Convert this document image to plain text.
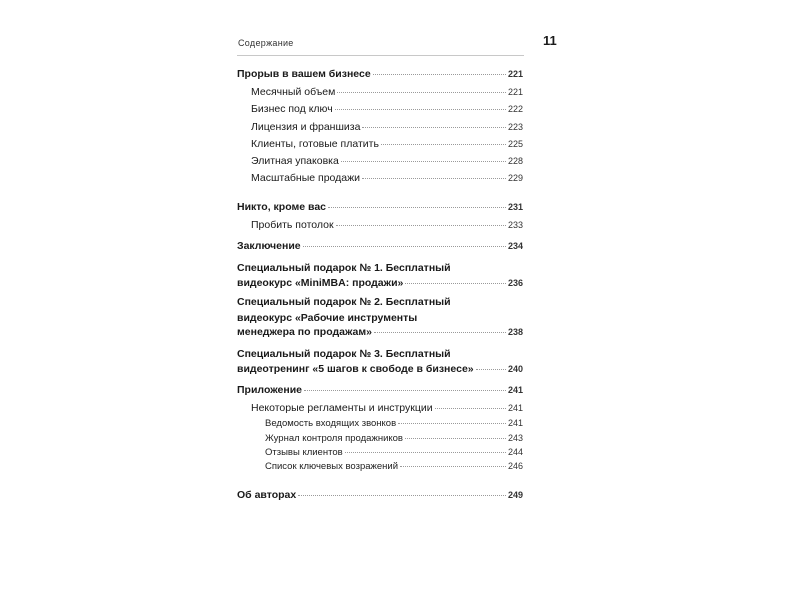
Содержание	11
Прорыв в вашем бизнесе	221
Месячный объем	221
Бизнес под ключ	222
Лицензия и франшиза	223
Клиенты, готовые платить	225
Элитная упаковка	228
Масштабные продажи	229
Никто, кроме вас	231
Пробить потолок	233
Заключение	234
Специальный подарок № 1. Бесплатный
видеокурс «MiniMBA: продажи»	236
Специальный подарок № 2. Бесплатный
видеокурс «Рабочие инструменты
менеджера по продажам»	238
Специальный подарок № 3. Бесплатный
видеотренинг «5 шагов к свободе в бизнесе»	240
Приложение	241
Некоторые регламенты и инструкции	241
Ведомость входящих звонков	241
Журнал контроля продажников	243
Отзывы клиентов	244
Список ключевых возражений	246
Об авторах	249
